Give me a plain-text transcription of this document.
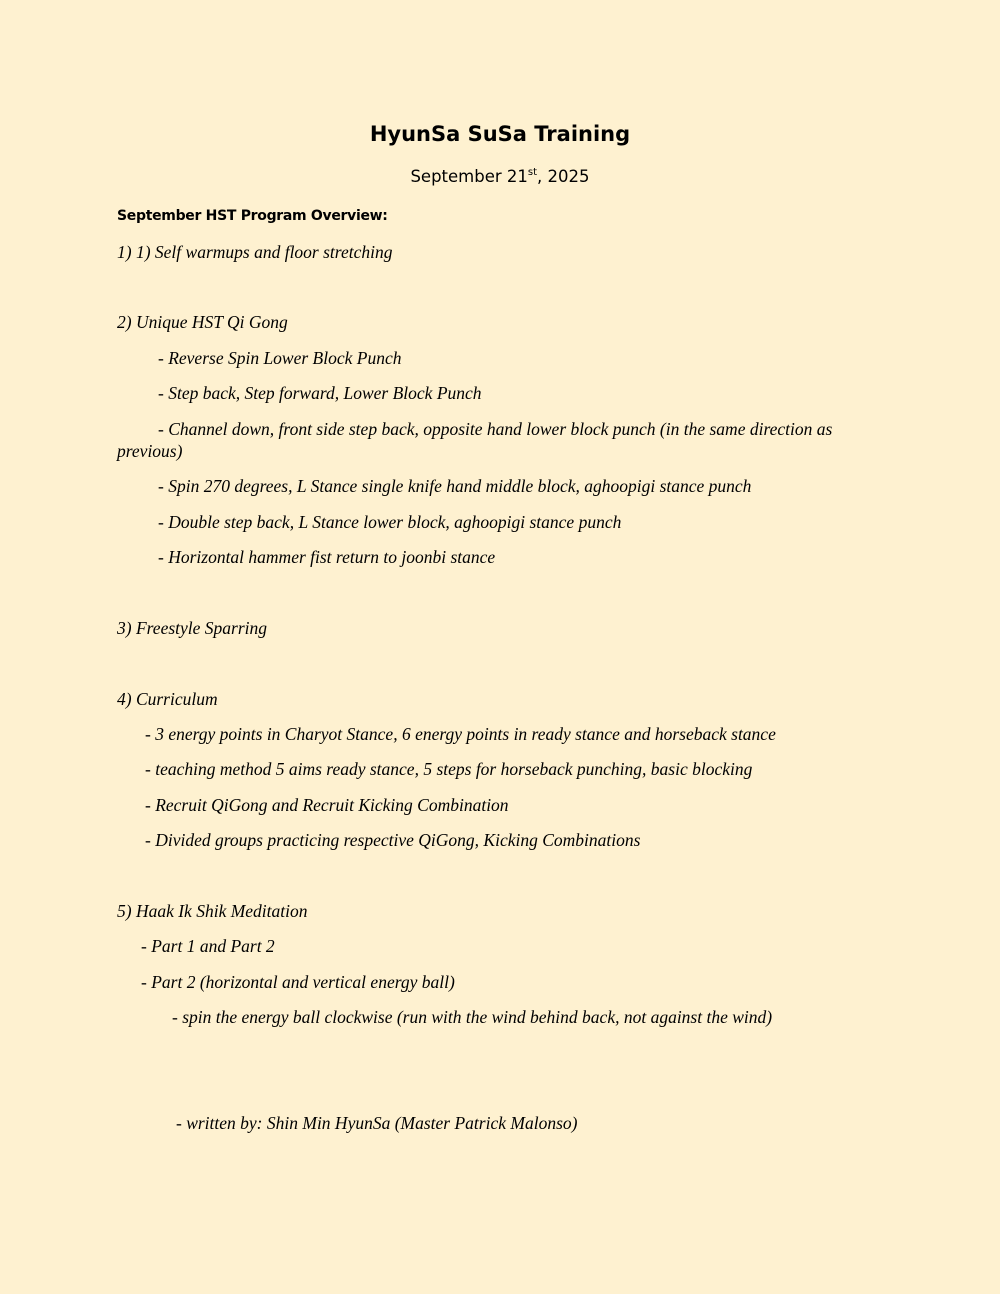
HyunSa SuSa Training
September 21st, 2025
September HST Program Overview:
1) 1) Self warmups and floor stretching
2) Unique HST Qi Gong
- Reverse Spin Lower Block Punch
- Step back, Step forward, Lower Block Punch
- Channel down, front side step back, opposite hand lower block punch (in the same direction as
previous)
- Spin 270 degrees, L Stance single knife hand middle block, aghoopigi stance punch
- Double step back, L Stance lower block, aghoopigi stance punch
- Horizontal hammer fist return to joonbi stance
3) Freestyle Sparring
4) Curriculum
- 3 energy points in Charyot Stance, 6 energy points in ready stance and horseback stance
- teaching method 5 aims ready stance, 5 steps for horseback punching, basic blocking
- Recruit QiGong and Recruit Kicking Combination
- Divided groups practicing respective QiGong, Kicking Combinations
5) Haak Ik Shik Meditation
- Part 1 and Part 2
- Part 2 (horizontal and vertical energy ball)
- spin the energy ball clockwise (run with the wind behind back, not against the wind)
- written by: Shin Min HyunSa (Master Patrick Malonso)
